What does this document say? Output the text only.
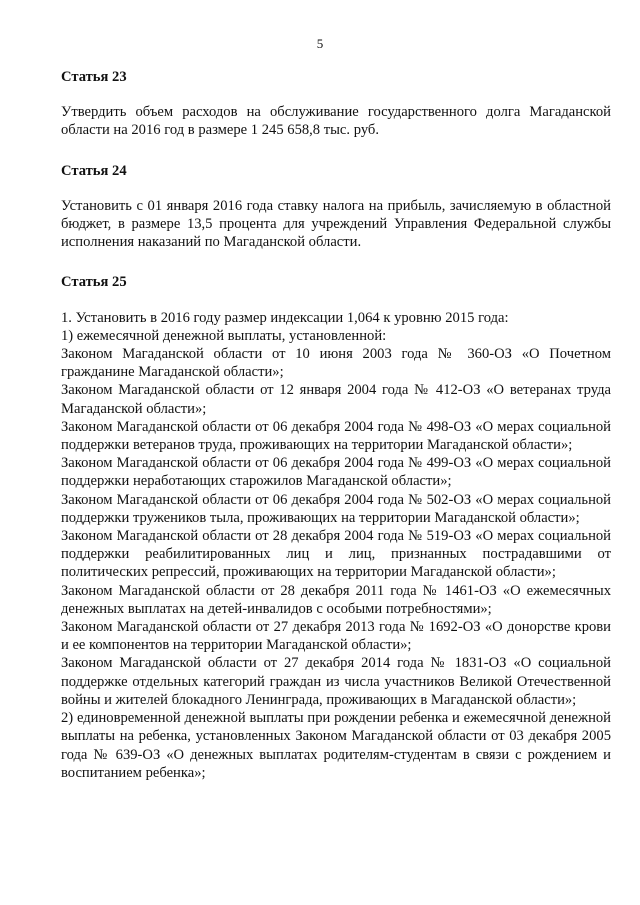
5

Статья 23

Утвердить объем расходов на обслуживание государственного долга Магаданской области на 2016 год в размере 1 245 658,8 тыс. руб.

Статья 24

Установить с 01 января 2016 года ставку налога на прибыль, зачисляемую в областной бюджет, в размере 13,5 процента для учреждений Управления Федеральной службы исполнения наказаний по Магаданской области.

Статья 25

1. Установить в 2016 году размер индексации 1,064 к уровню 2015 года:

1) ежемесячной денежной выплаты, установленной:

Законом Магаданской области от 10 июня 2003 года № 360-ОЗ «О Почетном гражданине Магаданской области»;

Законом Магаданской области от 12 января 2004 года № 412-ОЗ «О ветеранах труда Магаданской области»;

Законом Магаданской области от 06 декабря 2004 года № 498-ОЗ «О мерах социальной поддержки ветеранов труда, проживающих на территории Магаданской области»;

Законом Магаданской области от 06 декабря 2004 года № 499-ОЗ «О мерах социальной поддержки неработающих старожилов Магаданской области»;

Законом Магаданской области от 06 декабря 2004 года № 502-ОЗ «О мерах социальной поддержки тружеников тыла, проживающих на территории Магаданской области»;

Законом Магаданской области от 28 декабря 2004 года № 519-ОЗ «О мерах социальной поддержки реабилитированных лиц и лиц, признанных пострадавшими от политических репрессий, проживающих на территории Магаданской области»;

Законом Магаданской области от 28 декабря 2011 года № 1461-ОЗ «О ежемесячных денежных выплатах на детей-инвалидов с особыми потребностями»;

Законом Магаданской области от 27 декабря 2013 года № 1692-ОЗ «О донорстве крови и ее компонентов на территории Магаданской области»;

Законом Магаданской области от 27 декабря 2014 года № 1831-ОЗ «О социальной поддержке отдельных категорий граждан из числа участников Великой Отечественной войны и жителей блокадного Ленинграда, проживающих в Магаданской области»;

2) единовременной денежной выплаты при рождении ребенка и ежемесячной денежной выплаты на ребенка, установленных Законом Магаданской области от 03 декабря 2005 года № 639-ОЗ «О денежных выплатах родителям-студентам в связи с рождением и воспитанием ребенка»;
